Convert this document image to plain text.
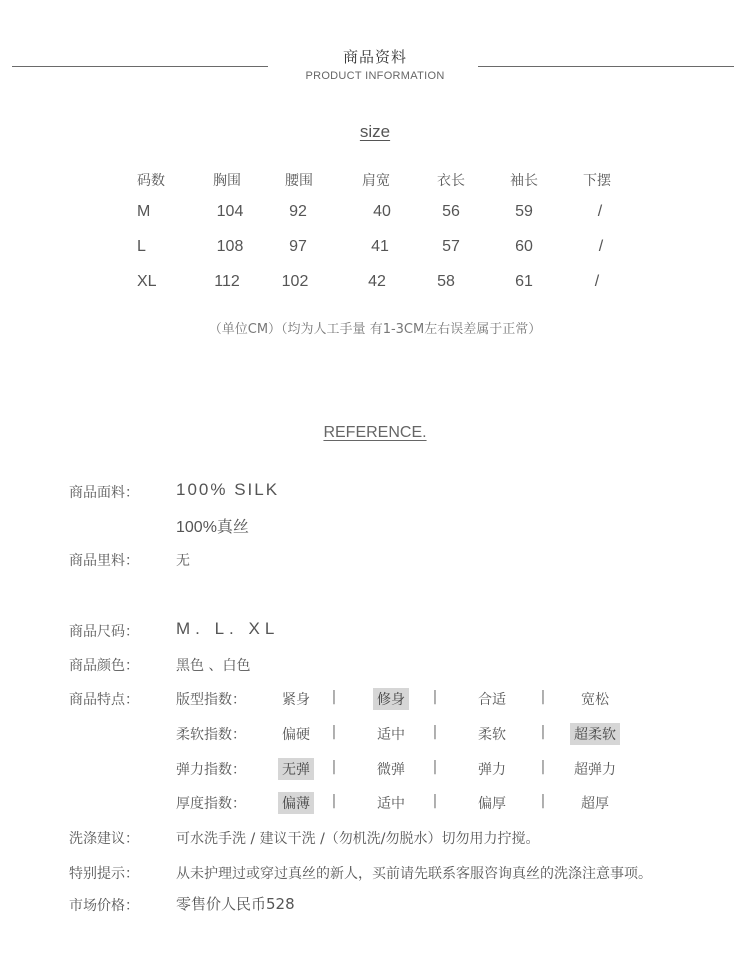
商品资料
PRODUCT INFORMATION
size
码数	胸围	腰围	肩宽	衣长	袖长	下摆
M	104	92	40	56	59	/
L	108	97	41	57	60	/
XL	112	102	42	58	61	/
（单位CM）（均为人工手量 有1-3CM左右误差属于正常）
REFERENCE.
商品面料： 100% SILK
100%真丝
商品里料：	无
商品尺码： M. L. XL
商品颜色：	黑色 、白色
商品特点：	版型指数：	紧身	修身	合适	宽松
|	|	|
柔软指数：	偏硬	适中	柔软	超柔软
|	|	|
弹力指数：	无弹	微弹	弹力	超弹力
|	|	|
厚度指数：	偏薄	适中	偏厚	超厚
|	|	|
洗涤建议：	可水洗手洗 / 建议干洗 /（勿机洗/勿脱水）切勿用力拧搅。
特别提示：	从未护理过或穿过真丝的新人，买前请先联系客服咨询真丝的洗涤注意事项。
市场价格： 零售价人民币528
